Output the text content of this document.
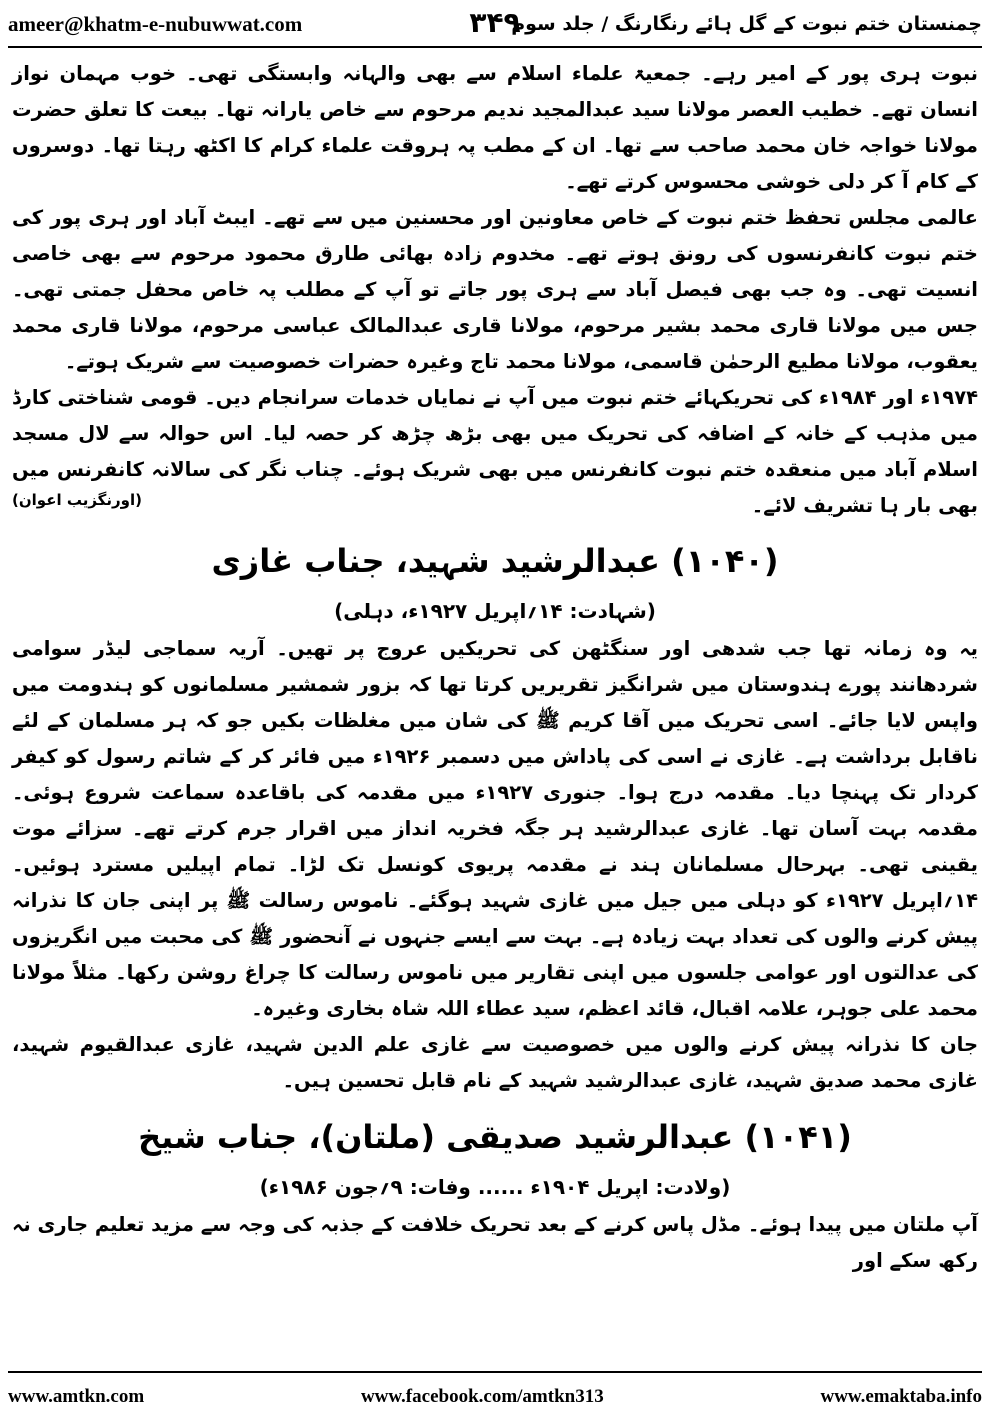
ameer@khatm-e-nubuwwat.com	۳۴۹
چمنستان ختم نبوت کے گل ہائے رنگارنگ / جلد سوم

نبوت ہری پور کے امیر رہے۔ جمعیۃ علماء اسلام سے بھی والہانہ وابستگی تھی۔ خوب مہمان نواز انسان تھے۔ خطیب العصر مولانا سید عبدالمجید ندیم مرحوم سے خاص یارانہ تھا۔ بیعت کا تعلق حضرت مولانا خواجہ خان محمد صاحب سے تھا۔ ان کے مطب پہ ہروقت علماء کرام کا اکٹھ رہتا تھا۔ دوسروں کے کام آ کر دلی خوشی محسوس کرتے تھے۔

عالمی مجلس تحفظ ختم نبوت کے خاص معاونین اور محسنین میں سے تھے۔ ایبٹ آباد اور ہری پور کی ختم نبوت کانفرنسوں کی رونق ہوتے تھے۔ مخدوم زادہ بھائی طارق محمود مرحوم سے بھی خاصی انسیت تھی۔ وہ جب بھی فیصل آباد سے ہری پور جاتے تو آپ کے مطلب پہ خاص محفل جمتی تھی۔ جس میں مولانا قاری محمد بشیر مرحوم، مولانا قاری عبدالمالک عباسی مرحوم، مولانا قاری محمد یعقوب، مولانا مطیع الرحمٰن قاسمی، مولانا محمد تاج وغیرہ حضرات خصوصیت سے شریک ہوتے۔

۱۹۷۴ء اور ۱۹۸۴ء کی تحریکہائے ختم نبوت میں آپ نے نمایاں خدمات سرانجام دیں۔ قومی شناختی کارڈ میں مذہب کے خانہ کے اضافہ کی تحریک میں بھی بڑھ چڑھ کر حصہ لیا۔ اس حوالہ سے لال مسجد اسلام آباد میں منعقدہ ختم نبوت کانفرنس میں بھی شریک ہوئے۔ چناب نگر کی سالانہ کانفرنس میں بھی بار ہا تشریف لائے۔

(اورنگزیب اعوان)
(۱۰۴۰) عبدالرشید شہید، جناب غازی
(شہادت: ۱۴؍اپریل ۱۹۲۷ء، دہلی)

یہ وہ زمانہ تھا جب شدھی اور سنگٹھن کی تحریکیں عروج پر تھیں۔ آریہ سماجی لیڈر سوامی شردھانند پورے ہندوستان میں شرانگیز تقریریں کرتا تھا کہ بزور شمشیر مسلمانوں کو ہندومت میں واپس لایا جائے۔ اسی تحریک میں آقا کریم ﷺ کی شان میں مغلظات بکیں جو کہ ہر مسلمان کے لئے ناقابل برداشت ہے۔ غازی نے اسی کی پاداش میں دسمبر ۱۹۲۶ء میں فائر کر کے شاتم رسول کو کیفر کردار تک پہنچا دیا۔ مقدمہ درج ہوا۔ جنوری ۱۹۲۷ء میں مقدمہ کی باقاعدہ سماعت شروع ہوئی۔ مقدمہ بہت آسان تھا۔ غازی عبدالرشید ہر جگہ فخریہ انداز میں اقرار جرم کرتے تھے۔ سزائے موت یقینی تھی۔ بہرحال مسلمانان ہند نے مقدمہ پریوی کونسل تک لڑا۔ تمام اپیلیں مسترد ہوئیں۔ ۱۴؍اپریل ۱۹۲۷ء کو دہلی میں جیل میں غازی شہید ہوگئے۔ ناموس رسالت ﷺ پر اپنی جان کا نذرانہ پیش کرنے والوں کی تعداد بہت زیادہ ہے۔ بہت سے ایسے جنہوں نے آنحضور ﷺ کی محبت میں انگریزوں کی عدالتوں اور عوامی جلسوں میں اپنی تقاریر میں ناموس رسالت کا چراغ روشن رکھا۔ مثلاً مولانا محمد علی جوہر، علامہ اقبال، قائد اعظم، سید عطاء اللہ شاہ بخاری وغیرہ۔

جان کا نذرانہ پیش کرنے والوں میں خصوصیت سے غازی علم الدین شہید، غازی عبدالقیوم شہید، غازی محمد صدیق شہید، غازی عبدالرشید شہید کے نام قابل تحسین ہیں۔

(۱۰۴۱) عبدالرشید صدیقی (ملتان)، جناب شیخ
(ولادت: اپریل ۱۹۰۴ء ...... وفات: ۹؍جون ۱۹۸۶ء)

آپ ملتان میں پیدا ہوئے۔ مڈل پاس کرنے کے بعد تحریک خلافت کے جذبہ کی وجہ سے مزید تعلیم جاری نہ رکھ سکے اور

www.amtkn.com	www.facebook.com/amtkn313	www.emaktaba.info
